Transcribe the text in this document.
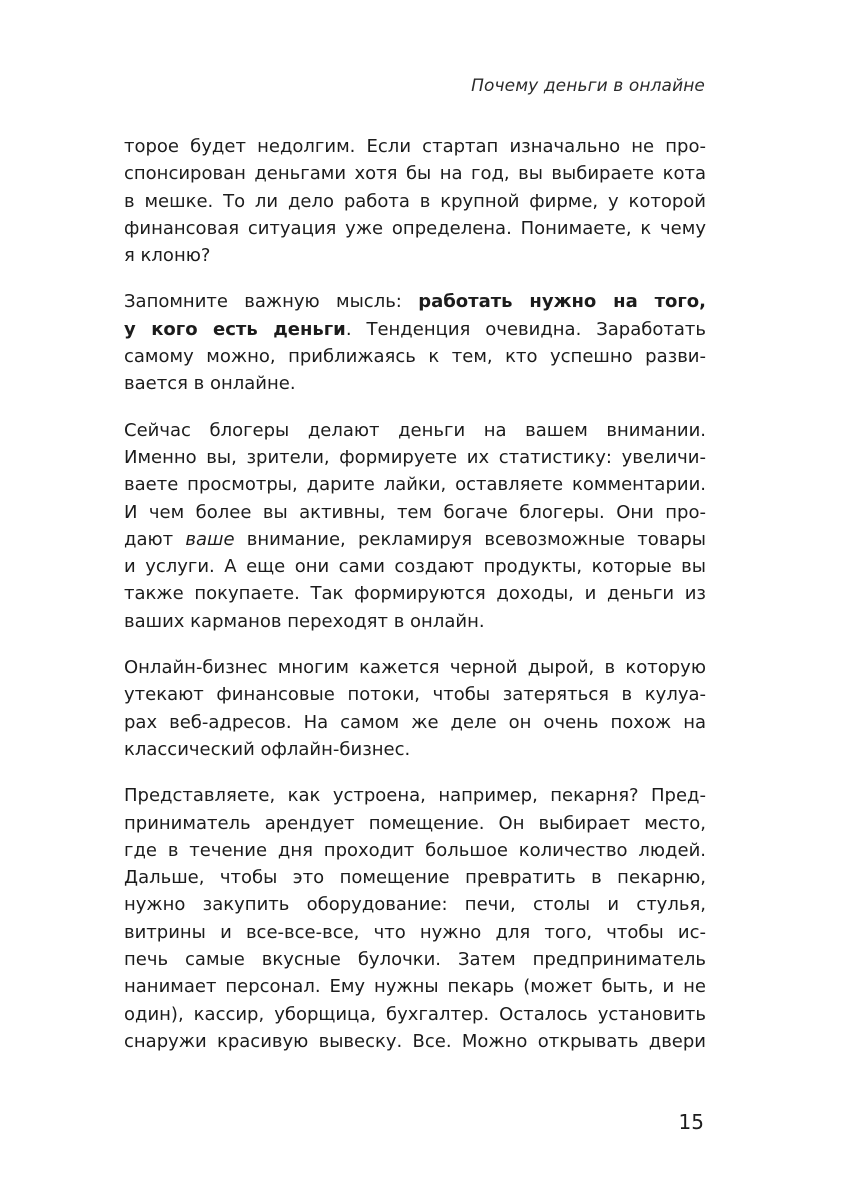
Почему деньги в онлайне
торое будет недолгим. Если стартап изначально не про-
спонсирован деньгами хотя бы на год, вы выбираете кота
в мешке. То ли дело работа в крупной фирме, у которой
финансовая ситуация уже определена. Понимаете, к чему
я клоню?
Запомните важную мысль: работать нужно на того,
у кого есть деньги. Тенденция очевидна. Заработать
самому можно, приближаясь к тем, кто успешно разви-
вается в онлайне.
Сейчас блогеры делают деньги на вашем внимании.
Именно вы, зрители, формируете их статистику: увеличи-
ваете просмотры, дарите лайки, оставляете комментарии.
И чем более вы активны, тем богаче блогеры. Они про-
дают ваше внимание, рекламируя всевозможные товары
и услуги. А еще они сами создают продукты, которые вы
также покупаете. Так формируются доходы, и деньги из
ваших карманов переходят в онлайн.
Онлайн-бизнес многим кажется черной дырой, в которую
утекают финансовые потоки, чтобы затеряться в кулуа-
рах веб-адресов. На самом же деле он очень похож на
классический офлайн-бизнес.
Представляете, как устроена, например, пекарня? Пред-
приниматель арендует помещение. Он выбирает место,
где в течение дня проходит большое количество людей.
Дальше, чтобы это помещение превратить в пекарню,
нужно закупить оборудование: печи, столы и стулья,
витрины и все-все-все, что нужно для того, чтобы ис-
печь самые вкусные булочки. Затем предприниматель
нанимает персонал. Ему нужны пекарь (может быть, и не
один), кассир, уборщица, бухгалтер. Осталось установить
снаружи красивую вывеску. Все. Можно открывать двери
15
